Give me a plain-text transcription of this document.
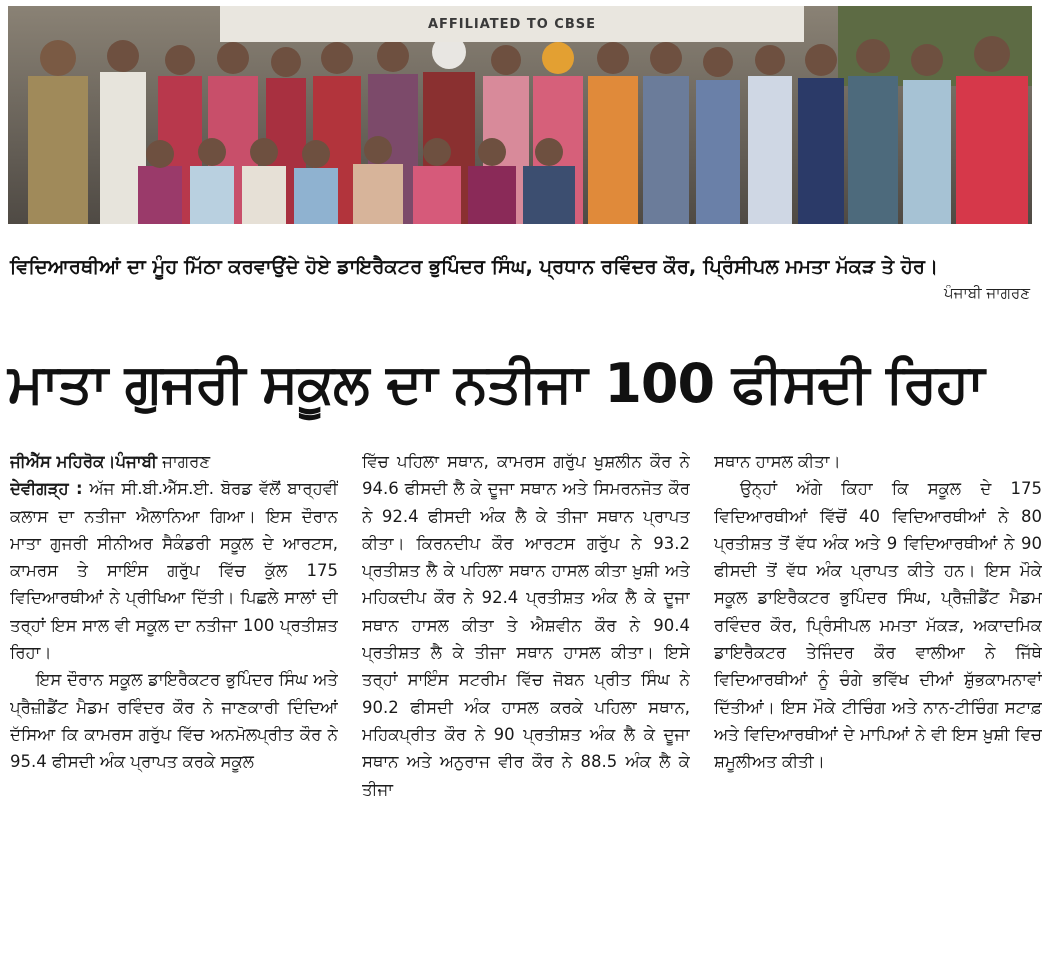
AFFILIATED TO CBSE
ਵਿਦਿਆਰਥੀਆਂ ਦਾ ਮੂੰਹ ਮਿੱਠਾ ਕਰਵਾਉਂਦੇ ਹੋਏ ਡਾਇਰੈਕਟਰ ਭੁਪਿੰਦਰ ਸਿੰਘ, ਪ੍ਰਧਾਨ ਰਵਿੰਦਰ ਕੌਰ, ਪ੍ਰਿੰਸੀਪਲ ਮਮਤਾ ਮੱਕੜ ਤੇ ਹੋਰ।
ਪੰਜਾਬੀ ਜਾਗਰਣ
ਮਾਤਾ ਗੁਜਰੀ ਸਕੂਲ ਦਾ ਨਤੀਜਾ 100 ਫੀਸਦੀ ਰਿਹਾ

ਜੀਐੱਸ ਮਹਿਰੋਕ।ਪੰਜਾਬੀ ਜਾਗਰਣ

ਦੇਵੀਗੜ੍ਹ : ਅੱਜ ਸੀ.ਬੀ.ਐੱਸ.ਈ. ਬੋਰਡ ਵੱਲੋਂ ਬਾਰ੍ਹਵੀਂ ਕਲਾਸ ਦਾ ਨਤੀਜਾ ਐਲਾਨਿਆ ਗਿਆ। ਇਸ ਦੌਰਾਨ ਮਾਤਾ ਗੁਜਰੀ ਸੀਨੀਅਰ ਸੈਕੰਡਰੀ ਸਕੂਲ ਦੇ ਆਰਟਸ, ਕਾਮਰਸ ਤੇ ਸਾਇੰਸ ਗਰੁੱਪ ਵਿੱਚ ਕੁੱਲ 175 ਵਿਦਿਆਰਥੀਆਂ ਨੇ ਪ੍ਰੀਖਿਆ ਦਿੱਤੀ। ਪਿਛਲੇ ਸਾਲਾਂ ਦੀ ਤਰ੍ਹਾਂ ਇਸ ਸਾਲ ਵੀ ਸਕੂਲ ਦਾ ਨਤੀਜਾ 100 ਪ੍ਰਤੀਸ਼ਤ ਰਿਹਾ।

ਇਸ ਦੌਰਾਨ ਸਕੂਲ ਡਾਇਰੈਕਟਰ ਭੁਪਿੰਦਰ ਸਿੰਘ ਅਤੇ ਪ੍ਰੈਜ਼ੀਡੈਂਟ ਮੈਡਮ ਰਵਿੰਦਰ ਕੌਰ ਨੇ ਜਾਣਕਾਰੀ ਦਿੰਦਿਆਂ ਦੱਸਿਆ ਕਿ ਕਾਮਰਸ ਗਰੁੱਪ ਵਿੱਚ ਅਨਮੋਲਪ੍ਰੀਤ ਕੌਰ ਨੇ 95.4 ਫੀਸਦੀ ਅੰਕ ਪ੍ਰਾਪਤ ਕਰਕੇ ਸਕੂਲ

ਵਿੱਚ ਪਹਿਲਾ ਸਥਾਨ, ਕਾਮਰਸ ਗਰੁੱਪ ਖੁਸ਼ਲੀਨ ਕੌਰ ਨੇ 94.6 ਫੀਸਦੀ ਲੈ ਕੇ ਦੂਜਾ ਸਥਾਨ ਅਤੇ ਸਿਮਰਨਜੋਤ ਕੌਰ ਨੇ 92.4 ਫੀਸਦੀ ਅੰਕ ਲੈ ਕੇ ਤੀਜਾ ਸਥਾਨ ਪ੍ਰਾਪਤ ਕੀਤਾ। ਕਿਰਨਦੀਪ ਕੌਰ ਆਰਟਸ ਗਰੁੱਪ ਨੇ 93.2 ਪ੍ਰਤੀਸ਼ਤ ਲੈ ਕੇ ਪਹਿਲਾ ਸਥਾਨ ਹਾਸਲ ਕੀਤਾ ਖ਼ੁਸ਼ੀ ਅਤੇ ਮਹਿਕਦੀਪ ਕੌਰ ਨੇ 92.4 ਪ੍ਰਤੀਸ਼ਤ ਅੰਕ ਲੈ ਕੇ ਦੂਜਾ ਸਥਾਨ ਹਾਸਲ ਕੀਤਾ ਤੇ ਐਸ਼ਵੀਨ ਕੌਰ ਨੇ 90.4 ਪ੍ਰਤੀਸ਼ਤ ਲੈ ਕੇ ਤੀਜਾ ਸਥਾਨ ਹਾਸਲ ਕੀਤਾ। ਇਸੇ ਤਰ੍ਹਾਂ ਸਾਇੰਸ ਸਟਰੀਮ ਵਿੱਚ ਜੋਬਨ ਪ੍ਰੀਤ ਸਿੰਘ ਨੇ 90.2 ਫੀਸਦੀ ਅੰਕ ਹਾਸਲ ਕਰਕੇ ਪਹਿਲਾ ਸਥਾਨ, ਮਹਿਕਪ੍ਰੀਤ ਕੌਰ ਨੇ 90 ਪ੍ਰਤੀਸ਼ਤ ਅੰਕ ਲੈ ਕੇ ਦੂਜਾ ਸਥਾਨ ਅਤੇ ਅਨੁਰਾਜ ਵੀਰ ਕੌਰ ਨੇ 88.5 ਅੰਕ ਲੈ ਕੇ ਤੀਜਾ

ਸਥਾਨ ਹਾਸਲ ਕੀਤਾ।

ਉਨ੍ਹਾਂ ਅੱਗੇ ਕਿਹਾ ਕਿ ਸਕੂਲ ਦੇ 175 ਵਿਦਿਆਰਥੀਆਂ ਵਿੱਚੋਂ 40 ਵਿਦਿਆਰਥੀਆਂ ਨੇ 80 ਪ੍ਰਤੀਸ਼ਤ ਤੋਂ ਵੱਧ ਅੰਕ ਅਤੇ 9 ਵਿਦਿਆਰਥੀਆਂ ਨੇ 90 ਫੀਸਦੀ ਤੋਂ ਵੱਧ ਅੰਕ ਪ੍ਰਾਪਤ ਕੀਤੇ ਹਨ। ਇਸ ਮੌਕੇ ਸਕੂਲ ਡਾਇਰੈਕਟਰ ਭੁਪਿੰਦਰ ਸਿੰਘ, ਪ੍ਰੈਜ਼ੀਡੈਂਟ ਮੈਡਮ ਰਵਿੰਦਰ ਕੌਰ, ਪ੍ਰਿੰਸੀਪਲ ਮਮਤਾ ਮੱਕੜ, ਅਕਾਦਮਿਕ ਡਾਇਰੈਕਟਰ ਤੇਜਿੰਦਰ ਕੌਰ ਵਾਲੀਆ ਨੇ ਜਿੱਥੇ ਵਿਦਿਆਰਥੀਆਂ ਨੂੰ ਚੰਗੇ ਭਵਿੱਖ ਦੀਆਂ ਸ਼ੁੱਭਕਾਮਨਾਵਾਂ ਦਿੱਤੀਆਂ। ਇਸ ਮੌਕੇ ਟੀਚਿੰਗ ਅਤੇ ਨਾਨ-ਟੀਚਿੰਗ ਸਟਾਫ਼ ਅਤੇ ਵਿਦਿਆਰਥੀਆਂ ਦੇ ਮਾਪਿਆਂ ਨੇ ਵੀ ਇਸ ਖ਼ੁਸ਼ੀ ਵਿਚ ਸ਼ਮੂਲੀਅਤ ਕੀਤੀ।
